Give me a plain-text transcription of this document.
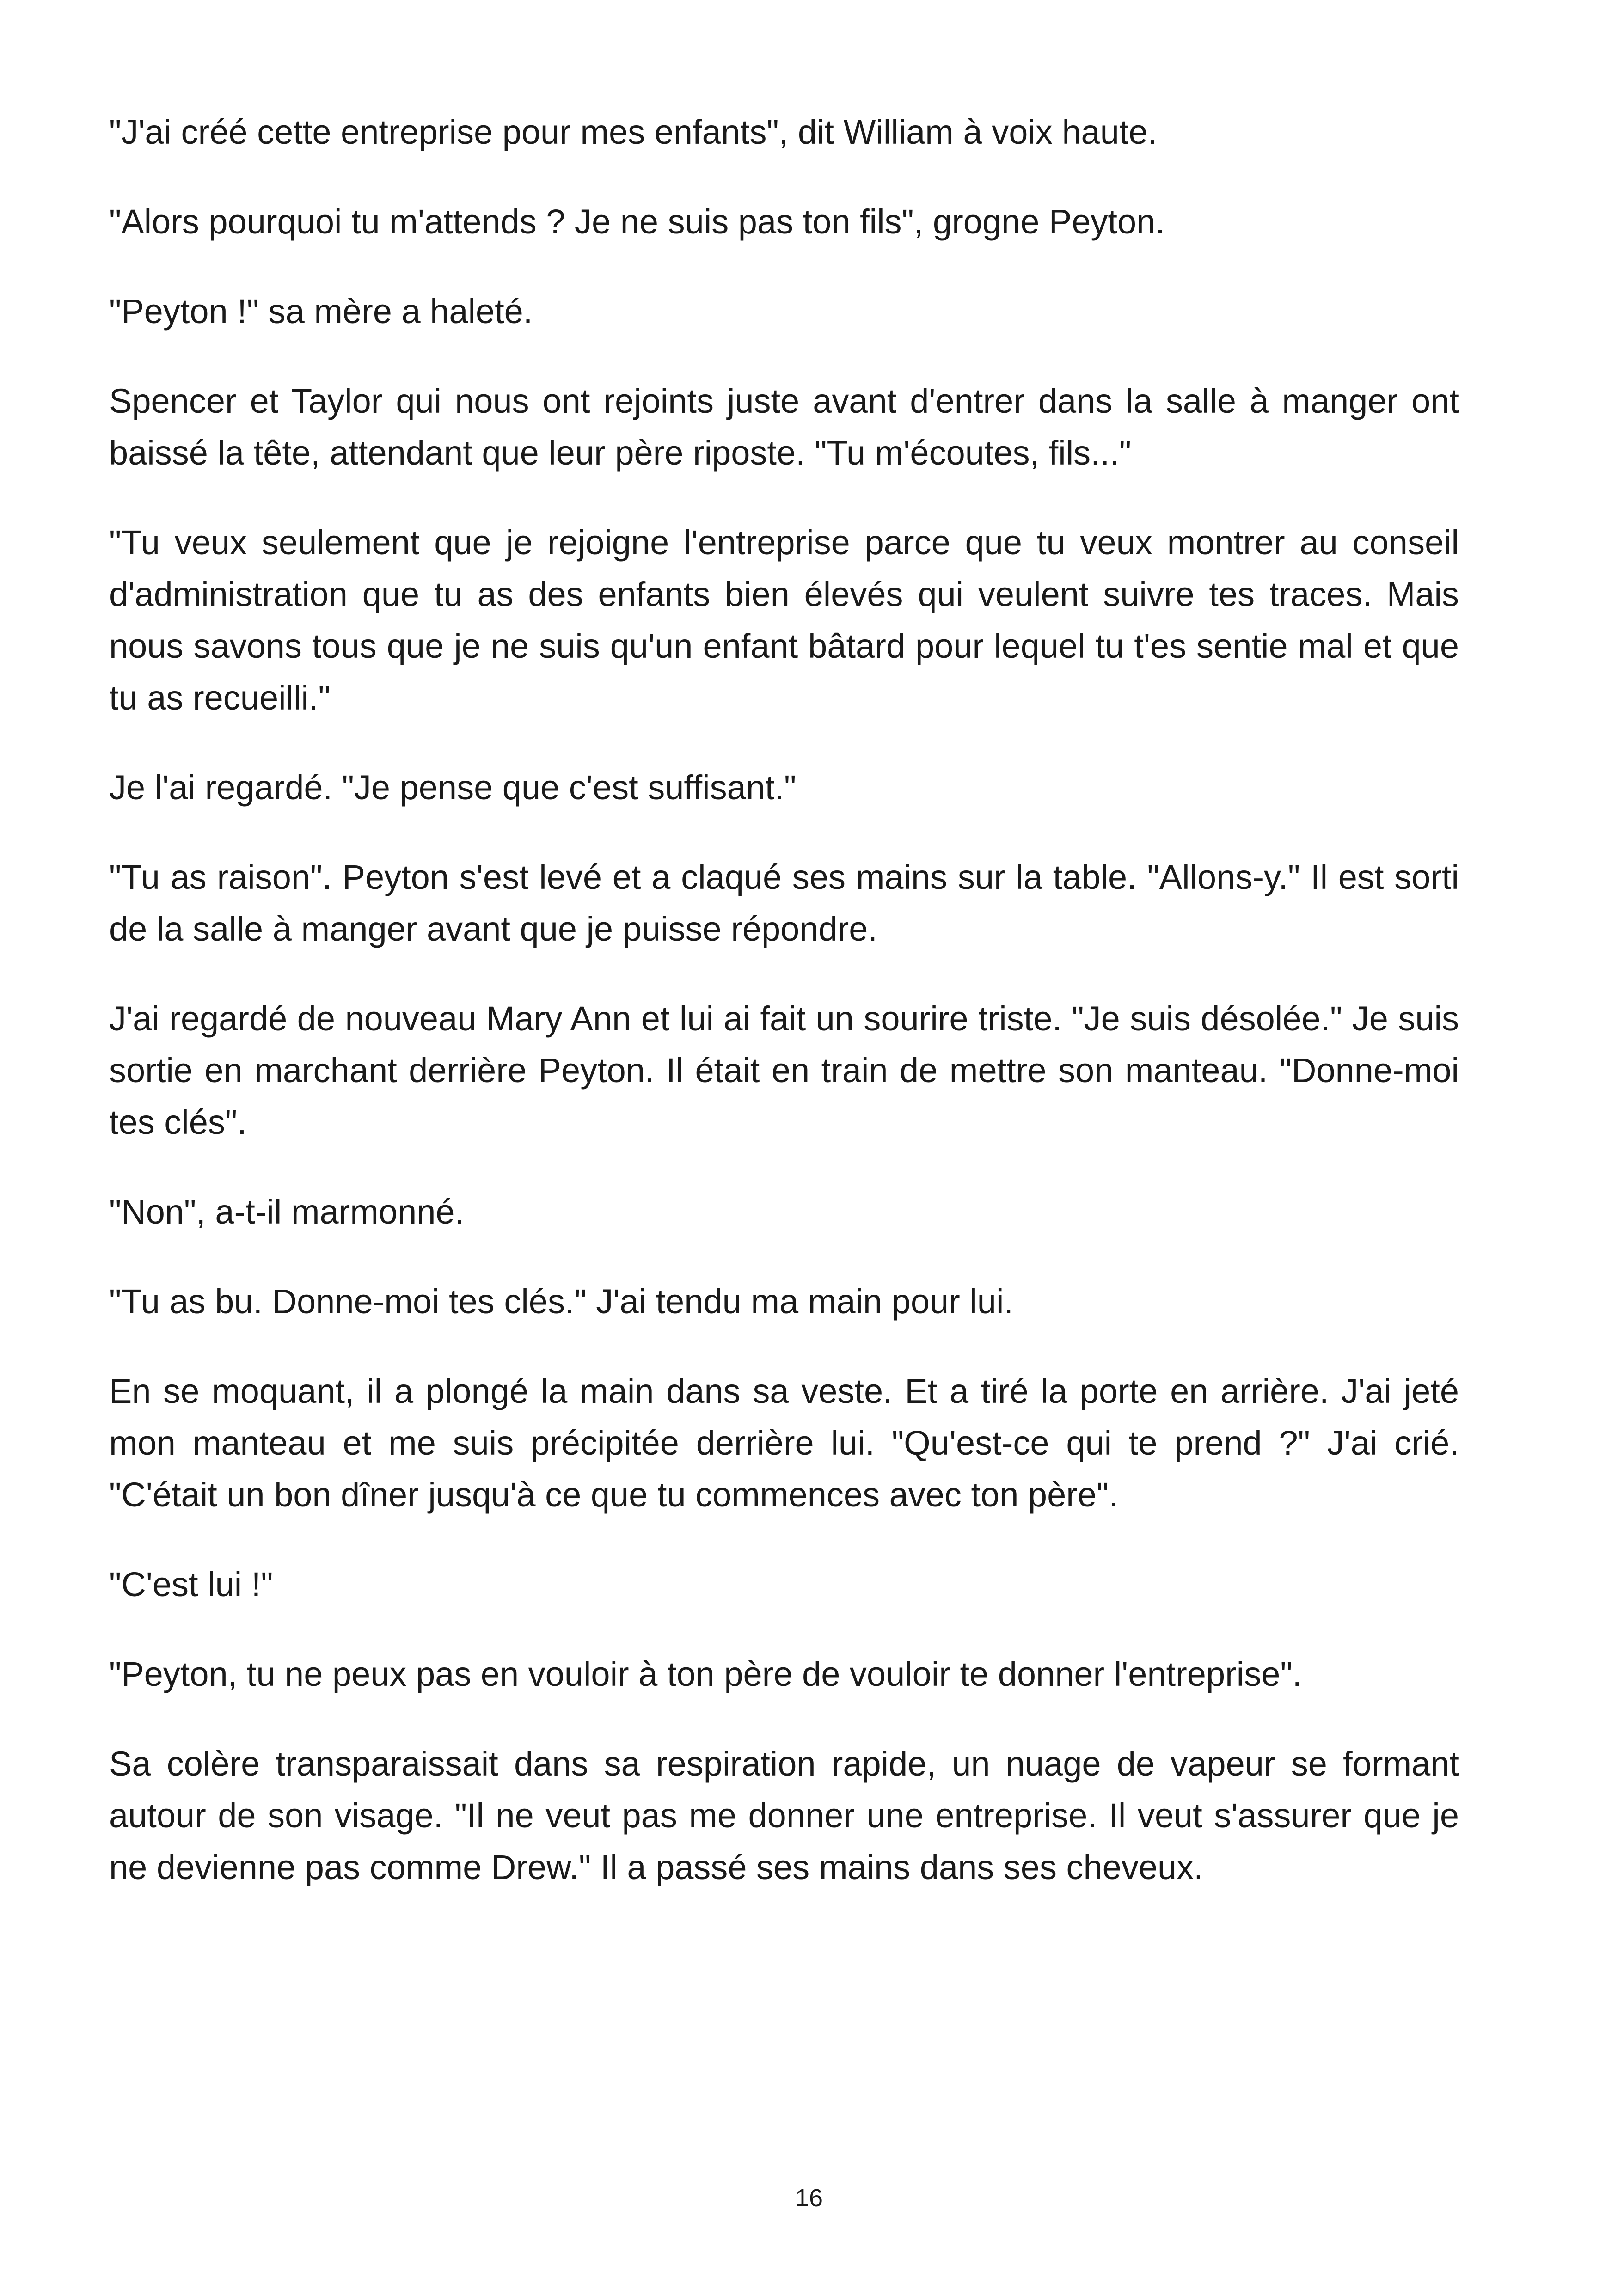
"J'ai créé cette entreprise pour mes enfants", dit William à voix haute.

"Alors pourquoi tu m'attends ? Je ne suis pas ton fils", grogne Peyton.

"Peyton !" sa mère a haleté.

Spencer et Taylor qui nous ont rejoints juste avant d'entrer dans la salle à manger ont baissé la tête, attendant que leur père riposte. "Tu m'écoutes, fils..."

"Tu veux seulement que je rejoigne l'entreprise parce que tu veux montrer au conseil d'administration que tu as des enfants bien élevés qui veulent suivre tes traces. Mais nous savons tous que je ne suis qu'un enfant bâtard pour lequel tu t'es sentie mal et que tu as recueilli."

Je l'ai regardé. "Je pense que c'est suffisant."

"Tu as raison". Peyton s'est levé et a claqué ses mains sur la table. "Allons-y." Il est sorti de la salle à manger avant que je puisse répondre.

J'ai regardé de nouveau Mary Ann et lui ai fait un sourire triste. "Je suis désolée." Je suis sortie en marchant derrière Peyton. Il était en train de mettre son manteau. "Donne-moi tes clés".

"Non", a-t-il marmonné.

"Tu as bu. Donne-moi tes clés." J'ai tendu ma main pour lui.

En se moquant, il a plongé la main dans sa veste. Et a tiré la porte en arrière. J'ai jeté mon manteau et me suis précipitée derrière lui. "Qu'est-ce qui te prend ?" J'ai crié. "C'était un bon dîner jusqu'à ce que tu commences avec ton père".

"C'est lui !"

"Peyton, tu ne peux pas en vouloir à ton père de vouloir te donner l'entreprise".

Sa colère transparaissait dans sa respiration rapide, un nuage de vapeur se formant autour de son visage. "Il ne veut pas me donner une entreprise. Il veut s'assurer que je ne devienne pas comme Drew." Il a passé ses mains dans ses cheveux.

16
